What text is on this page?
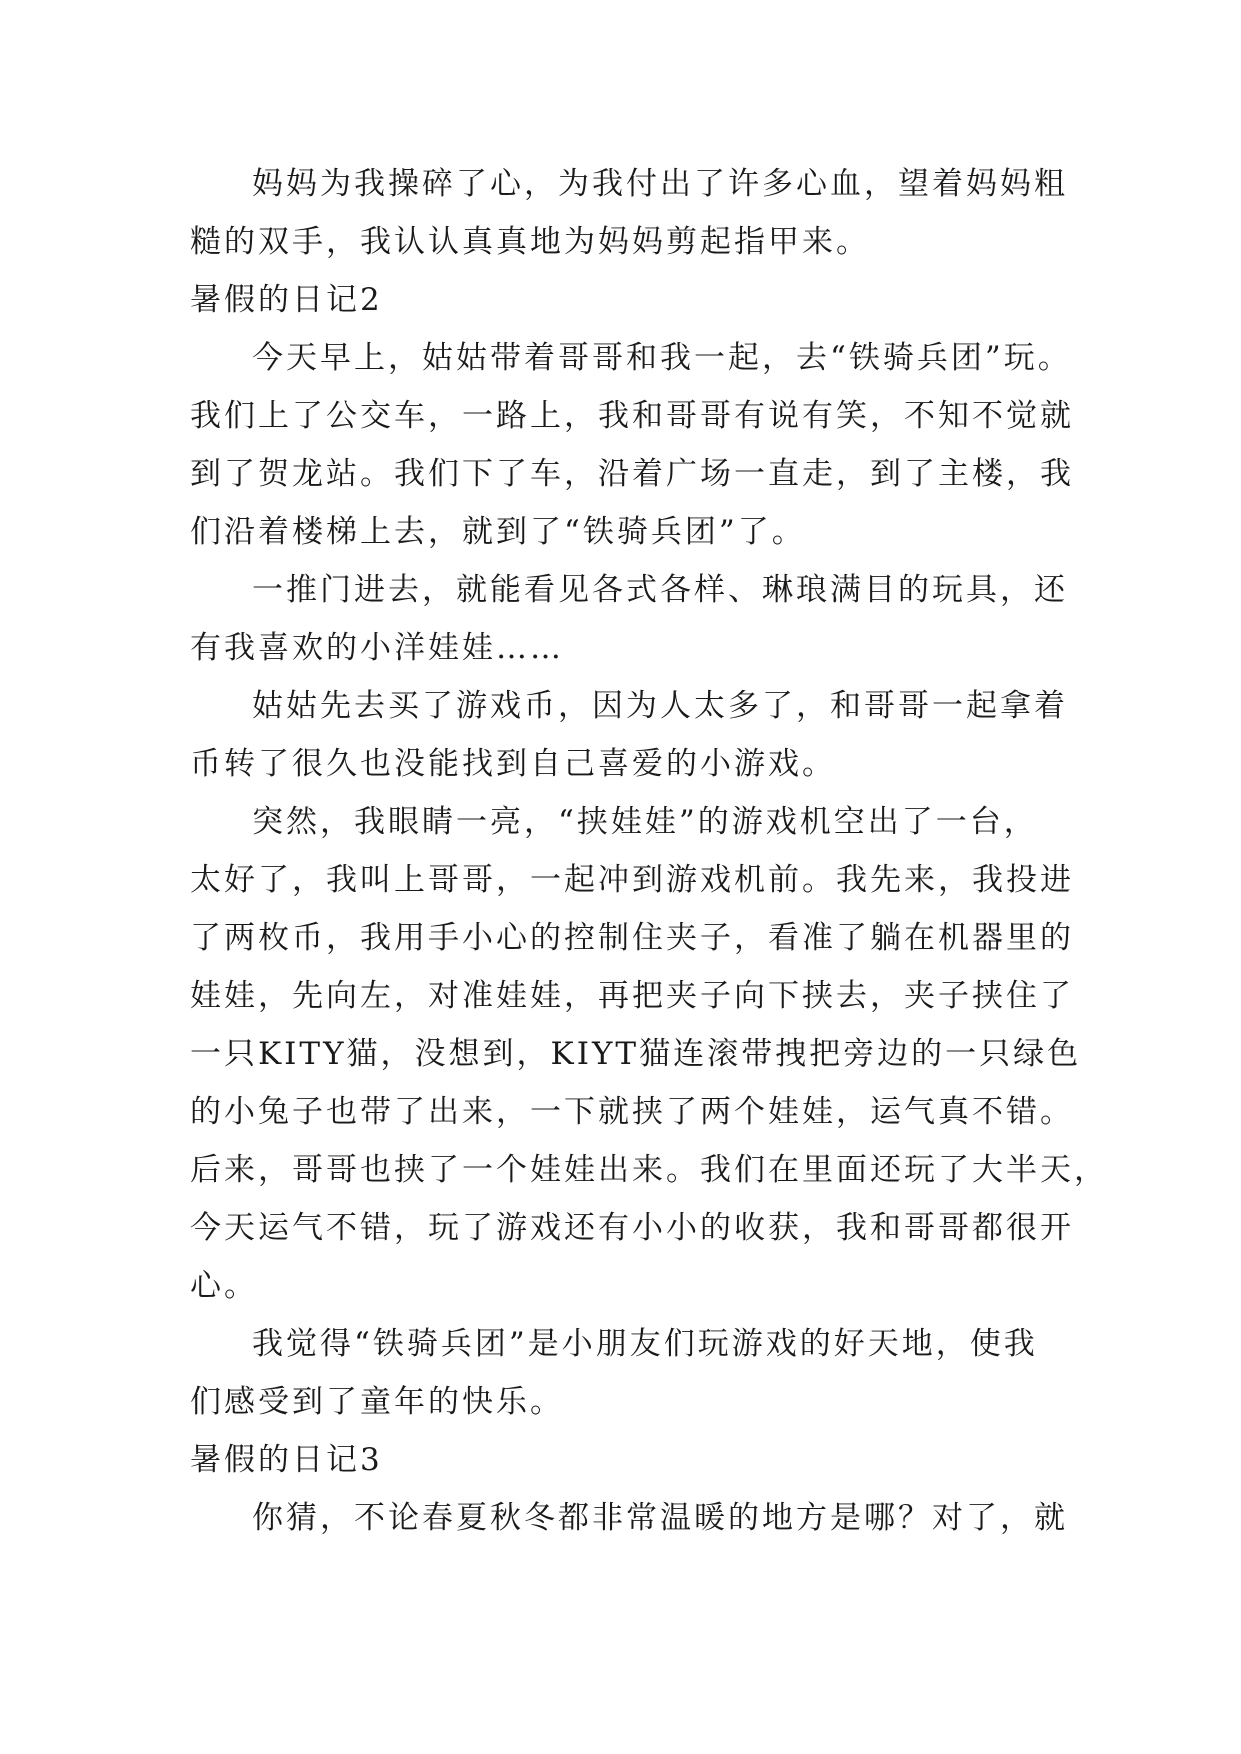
妈妈为我操碎了心，为我付出了许多心血，望着妈妈粗
糙的双手，我认认真真地为妈妈剪起指甲来。
暑假的日记2
今天早上，姑姑带着哥哥和我一起，去“铁骑兵团”玩。
我们上了公交车，一路上，我和哥哥有说有笑，不知不觉就
到了贺龙站。我们下了车，沿着广场一直走，到了主楼，我
们沿着楼梯上去，就到了“铁骑兵团”了。
一推门进去，就能看见各式各样、琳琅满目的玩具，还
有我喜欢的小洋娃娃……
姑姑先去买了游戏币，因为人太多了，和哥哥一起拿着
币转了很久也没能找到自己喜爱的小游戏。
突然，我眼睛一亮，“挟娃娃”的游戏机空出了一台，
太好了，我叫上哥哥，一起冲到游戏机前。我先来，我投进
了两枚币，我用手小心的控制住夹子，看准了躺在机器里的
娃娃，先向左，对准娃娃，再把夹子向下挟去，夹子挟住了
一只KITY猫，没想到，KIYT猫连滚带拽把旁边的一只绿色
的小兔子也带了出来，一下就挟了两个娃娃，运气真不错。
后来，哥哥也挟了一个娃娃出来。我们在里面还玩了大半天，
今天运气不错，玩了游戏还有小小的收获，我和哥哥都很开
心。
我觉得“铁骑兵团”是小朋友们玩游戏的好天地，使我
们感受到了童年的快乐。
暑假的日记3
你猜，不论春夏秋冬都非常温暖的地方是哪？对了，就
